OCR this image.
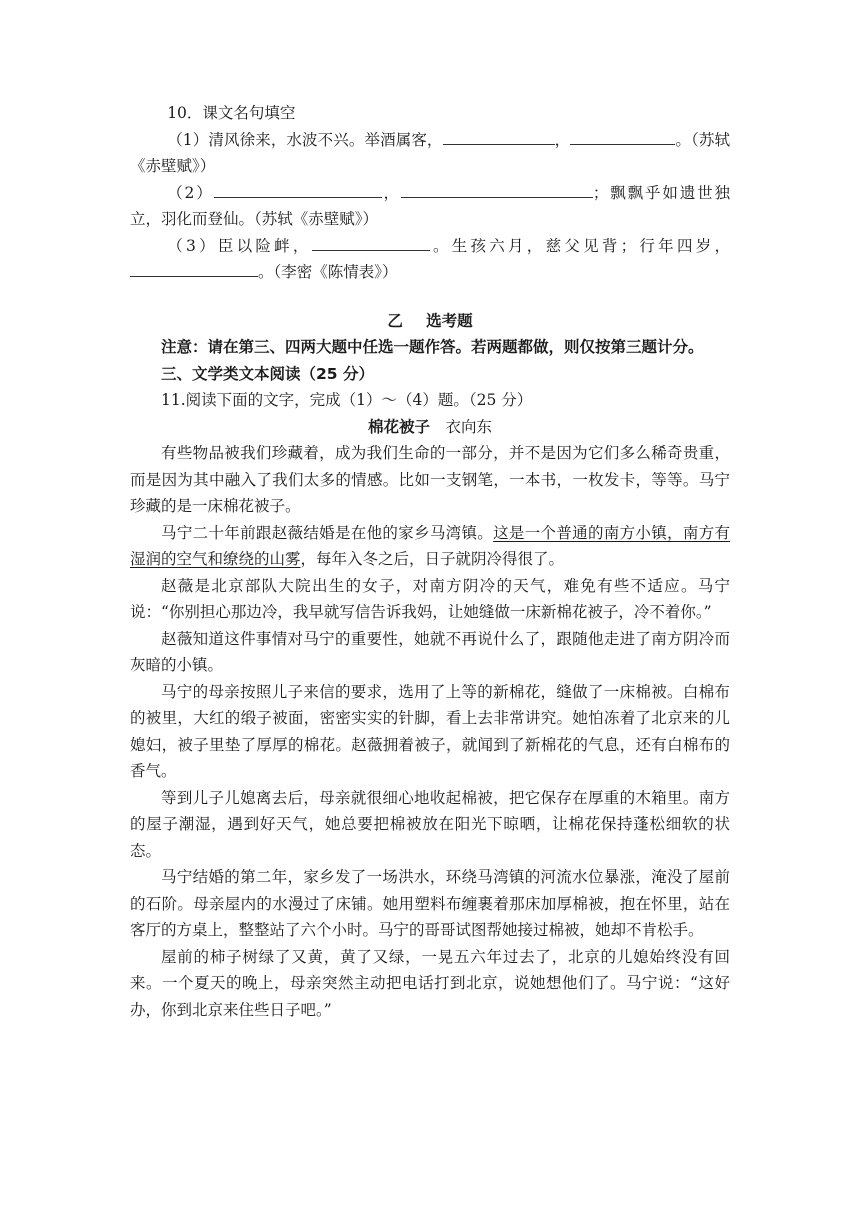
10．课文名句填空

（1）清风徐来，水波不兴。举酒属客，	，	。（苏轼《赤壁赋》）

（2）	，	；飘飘乎如遗世独立，羽化而登仙。（苏轼《赤壁赋》）

（3）臣以险衅，	。生孩六月，慈父见背；行年四岁，。（李密《陈情表》）

乙 选考题

注意：请在第三、四两大题中任选一题作答。若两题都做，则仅按第三题计分。

三、文学类文本阅读（25 分）

11.阅读下面的文字，完成（1）～（4）题。（25 分）

棉花被子　 衣向东

有些物品被我们珍藏着，成为我们生命的一部分，并不是因为它们多么稀奇贵重，而是因为其中融入了我们太多的情感。比如一支钢笔，一本书，一枚发卡，等等。马宁珍藏的是一床棉花被子。

马宁二十年前跟赵薇结婚是在他的家乡马湾镇。这是一个普通的南方小镇，南方有湿润的空气和缭绕的山雾，每年入冬之后，日子就阴冷得很了。

赵薇是北京部队大院出生的女子，对南方阴冷的天气，难免有些不适应。马宁说：“你别担心那边冷，我早就写信告诉我妈，让她缝做一床新棉花被子，冷不着你。”

赵薇知道这件事情对马宁的重要性，她就不再说什么了，跟随他走进了南方阴冷而灰暗的小镇。

马宁的母亲按照儿子来信的要求，选用了上等的新棉花，缝做了一床棉被。白棉布的被里，大红的缎子被面，密密实实的针脚，看上去非常讲究。她怕冻着了北京来的儿媳妇，被子里垫了厚厚的棉花。赵薇拥着被子，就闻到了新棉花的气息，还有白棉布的香气。

等到儿子儿媳离去后，母亲就很细心地收起棉被，把它保存在厚重的木箱里。南方的屋子潮湿，遇到好天气，她总要把棉被放在阳光下晾晒，让棉花保持蓬松细软的状态。

马宁结婚的第二年，家乡发了一场洪水，环绕马湾镇的河流水位暴涨，淹没了屋前的石阶。母亲屋内的水漫过了床铺。她用塑料布缠裹着那床加厚棉被，抱在怀里，站在客厅的方桌上，整整站了六个小时。马宁的哥哥试图帮她接过棉被，她却不肯松手。

屋前的柿子树绿了又黄，黄了又绿，一晃五六年过去了，北京的儿媳始终没有回来。一个夏天的晚上，母亲突然主动把电话打到北京，说她想他们了。马宁说：“这好办，你到北京来住些日子吧。”
